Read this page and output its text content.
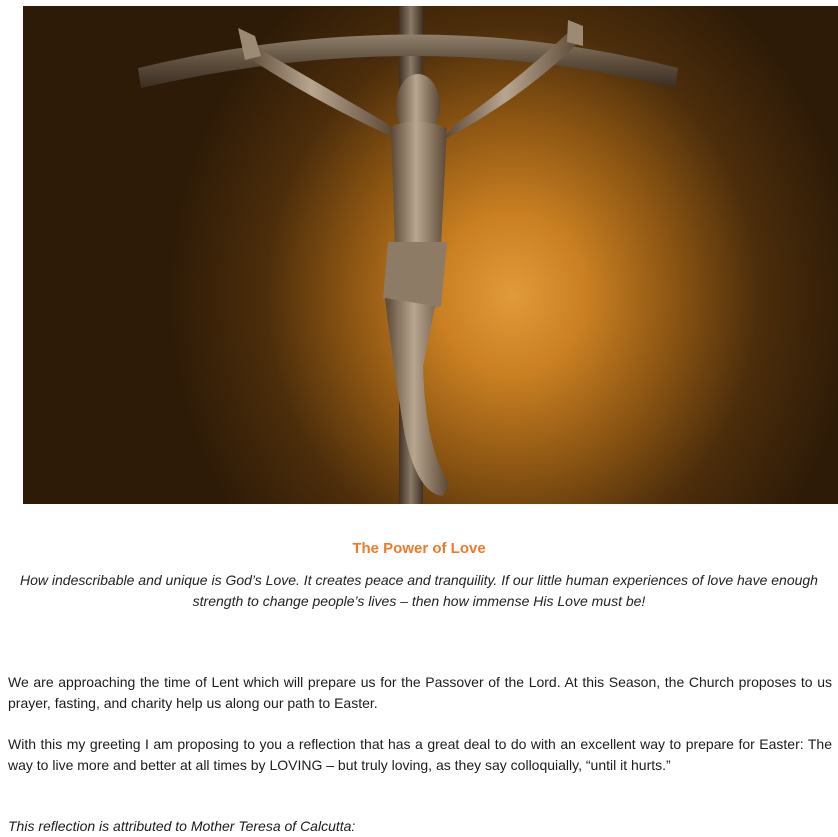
The Power of Love

How indescribable and unique is God’s Love. It creates peace and tranquility. If our little human experiences of love have enough strength to change people’s lives – then how immense His Love must be!

We are approaching the time of Lent which will prepare us for the Passover of the Lord. At this Season, the Church proposes to us prayer, fasting, and charity help us along our path to Easter.

With this my greeting I am proposing to you a reflection that has a great deal to do with an excellent way to prepare for Easter: The way to live more and better at all times by LOVING – but truly loving, as they say colloquially, “until it hurts.”

This reflection is attributed to Mother Teresa of Calcutta:
